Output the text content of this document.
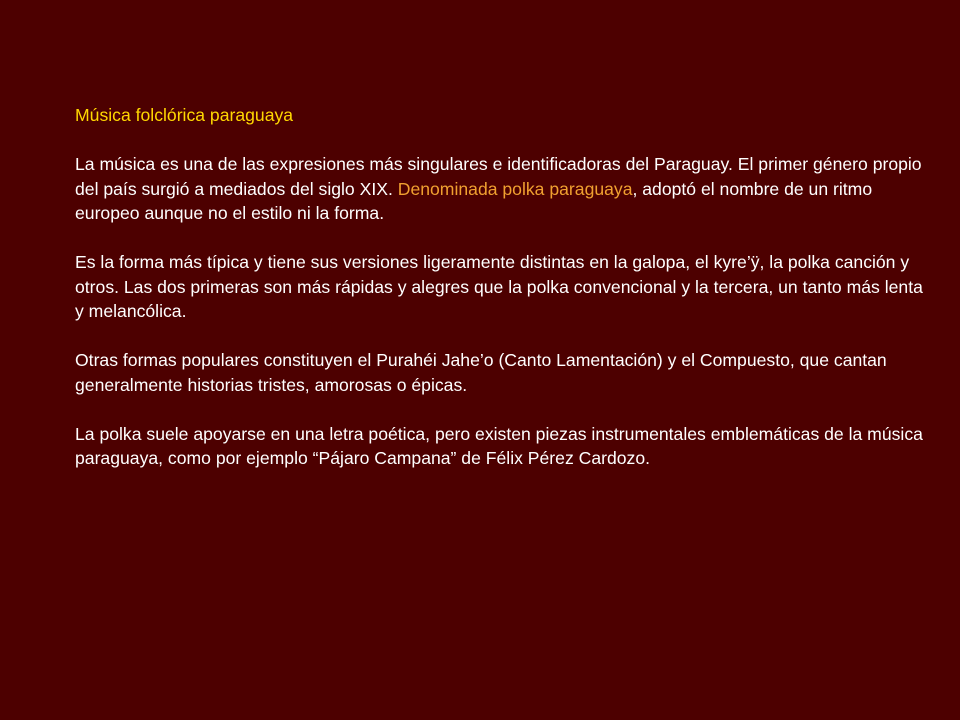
Música folclórica paraguaya
La música es una de las expresiones más singulares e identificadoras del Paraguay. El primer género propio del país surgió a mediados del siglo XIX. Denominada polka paraguaya, adoptó el nombre de un ritmo europeo aunque no el estilo ni la forma.
Es la forma más típica y tiene sus versiones ligeramente distintas en la galopa, el kyre’ÿ, la polka canción y otros. Las dos primeras son más rápidas y alegres que la polka convencional y la tercera, un tanto más lenta y melancólica.
Otras formas populares constituyen el Purahéi Jahe’o (Canto Lamentación) y el Compuesto, que cantan generalmente historias tristes, amorosas o épicas.
La polka suele apoyarse en una letra poética, pero existen piezas instrumentales emblemáticas de la música paraguaya, como por ejemplo “Pájaro Campana” de Félix Pérez Cardozo.
